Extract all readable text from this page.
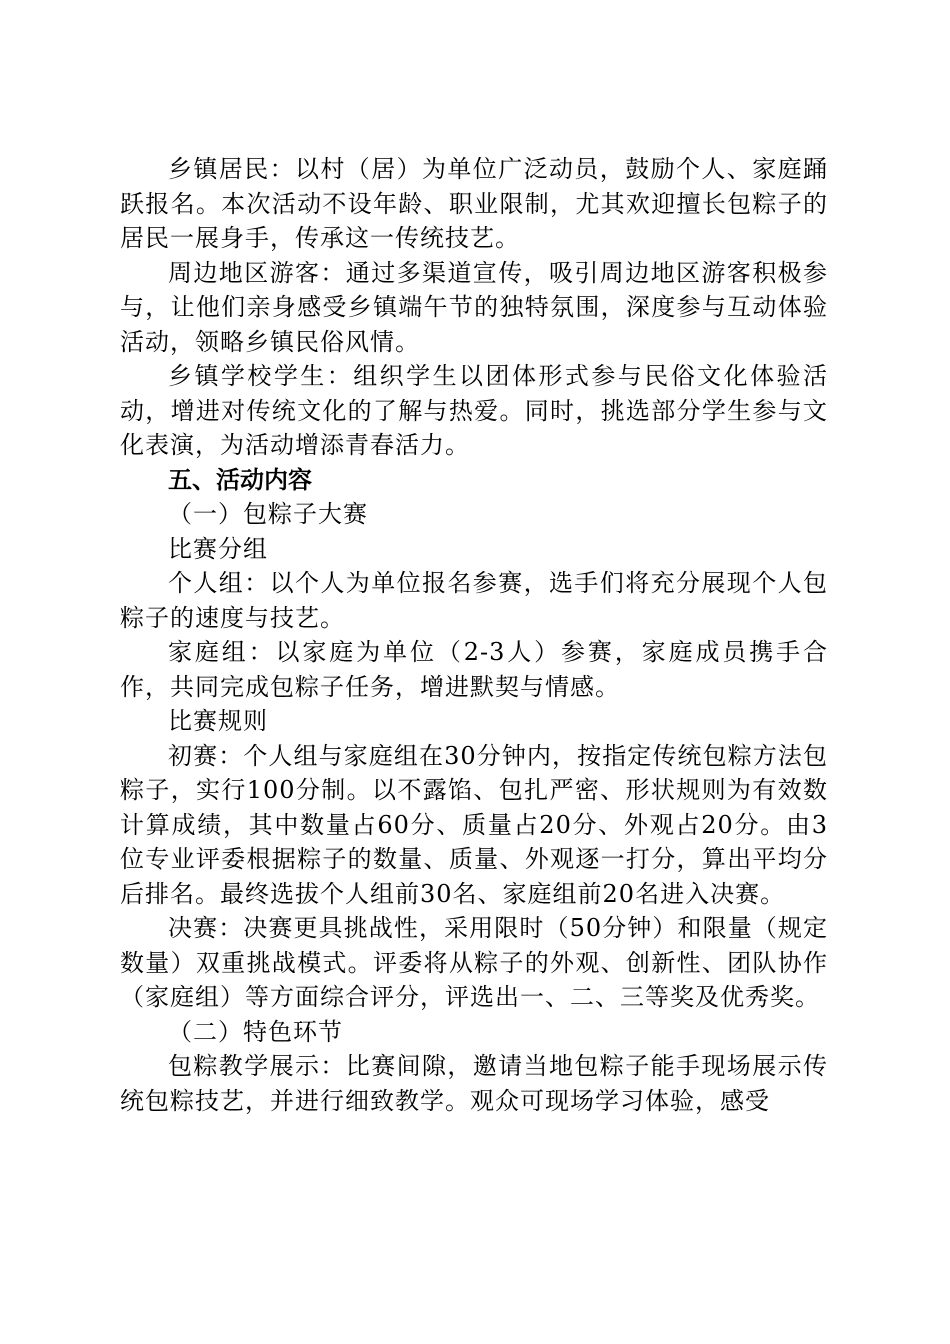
乡镇居民：以村（居）为单位广泛动员，鼓励个人、家庭踊跃报名。本次活动不设年龄、职业限制，尤其欢迎擅长包粽子的居民一展身手，传承这一传统技艺。

周边地区游客：通过多渠道宣传，吸引周边地区游客积极参与，让他们亲身感受乡镇端午节的独特氛围，深度参与互动体验活动，领略乡镇民俗风情。

乡镇学校学生：组织学生以团体形式参与民俗文化体验活动，增进对传统文化的了解与热爱。同时，挑选部分学生参与文化表演，为活动增添青春活力。

五、活动内容

（一）包粽子大赛

比赛分组

个人组：以个人为单位报名参赛，选手们将充分展现个人包粽子的速度与技艺。

家庭组：以家庭为单位（2-3人）参赛，家庭成员携手合作，共同完成包粽子任务，增进默契与情感。

比赛规则

初赛：个人组与家庭组在30分钟内，按指定传统包粽方法包粽子，实行100分制。以不露馅、包扎严密、形状规则为有效数计算成绩，其中数量占60分、质量占20分、外观占20分。由3位专业评委根据粽子的数量、质量、外观逐一打分，算出平均分后排名。最终选拔个人组前30名、家庭组前20名进入决赛。

决赛：决赛更具挑战性，采用限时（50分钟）和限量（规定数量）双重挑战模式。评委将从粽子的外观、创新性、团队协作（家庭组）等方面综合评分，评选出一、二、三等奖及优秀奖。

（二）特色环节

包粽教学展示：比赛间隙，邀请当地包粽子能手现场展示传统包粽技艺，并进行细致教学。观众可现场学习体验，感受
